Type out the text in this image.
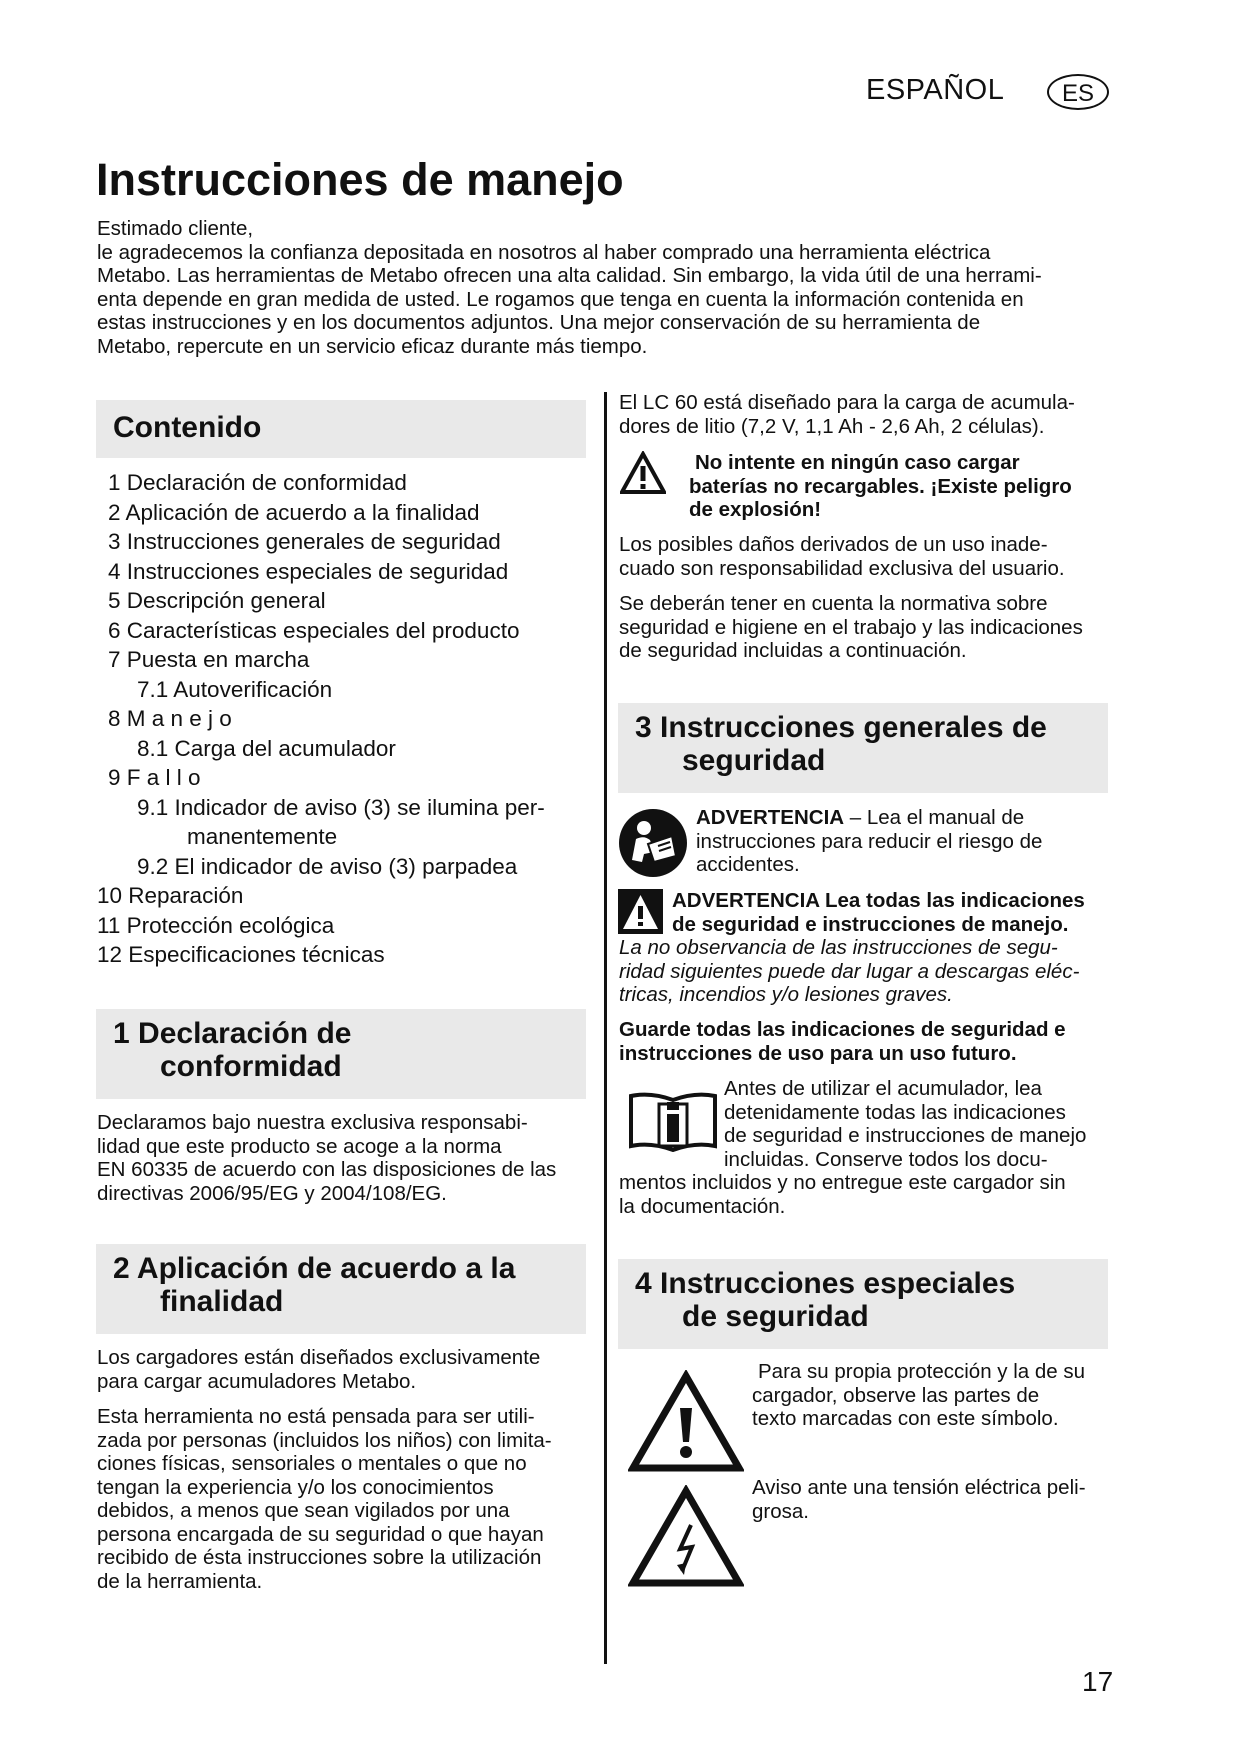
ESPAÑOL	ES
Instrucciones de manejo
Estimado cliente,
le agradecemos la confianza depositada en nosotros al haber comprado una herramienta eléctrica
Metabo. Las herramientas de Metabo ofrecen una alta calidad. Sin embargo, la vida útil de una herrami-
enta depende en gran medida de usted. Le rogamos que tenga en cuenta la información contenida en
estas instrucciones y en los documentos adjuntos. Una mejor conservación de su herramienta de
Metabo, repercute en un servicio eficaz durante más tiempo.
Contenido
1 Declaración de conformidad
2 Aplicación de acuerdo a la finalidad
3 Instrucciones generales de seguridad
4 Instrucciones especiales de seguridad
5 Descripción general
6 Características especiales del producto
7 Puesta en marcha
7.1 Autoverificación
8 M a n e j o
8.1 Carga del acumulador
9 F a l l o
9.1 Indicador de aviso (3) se ilumina per-
manentemente
9.2 El indicador de aviso (3) parpadea
10 Reparación
11 Protección ecológica
12 Especificaciones técnicas
1 Declaración de
conformidad
Declaramos bajo nuestra exclusiva responsabi-
lidad que este producto se acoge a la norma
EN 60335 de acuerdo con las disposiciones de las
directivas 2006/95/EG y 2004/108/EG.
2 Aplicación de acuerdo a la
finalidad
Los cargadores están diseñados exclusivamente
para cargar acumuladores Metabo.
Esta herramienta no está pensada para ser utili-
zada por personas (incluidos los niños) con limita-
ciones físicas, sensoriales o mentales o que no
tengan la experiencia y/o los conocimientos
debidos, a menos que sean vigilados por una
persona encargada de su seguridad o que hayan
recibido de ésta instrucciones sobre la utilización
de la herramienta.
El LC 60 está diseñado para la carga de acumula-
dores de litio (7,2 V, 1,1 Ah - 2,6 Ah, 2 células).
No intente en ningún caso cargar
baterías no recargables. ¡Existe peligro
de explosión!
Los posibles daños derivados de un uso inade-
cuado son responsabilidad exclusiva del usuario.
Se deberán tener en cuenta la normativa sobre
seguridad e higiene en el trabajo y las indicaciones
de seguridad incluidas a continuación.
3 Instrucciones generales de
seguridad
ADVERTENCIA – Lea el manual de
instrucciones para reducir el riesgo de
accidentes.
ADVERTENCIA Lea todas las indicaciones
de seguridad e instrucciones de manejo.
La no observancia de las instrucciones de segu-
ridad siguientes puede dar lugar a descargas eléc-
tricas, incendios y/o lesiones graves.
Guarde todas las indicaciones de seguridad e
instrucciones de uso para un uso futuro.
Antes de utilizar el acumulador, lea
detenidamente todas las indicaciones
de seguridad e instrucciones de manejo
incluidas. Conserve todos los docu-
mentos incluidos y no entregue este cargador sin
la documentación.
4 Instrucciones especiales
de seguridad
Para su propia protección y la de su
cargador, observe las partes de
texto marcadas con este símbolo.
Aviso ante una tensión eléctrica peli-
grosa.
17
